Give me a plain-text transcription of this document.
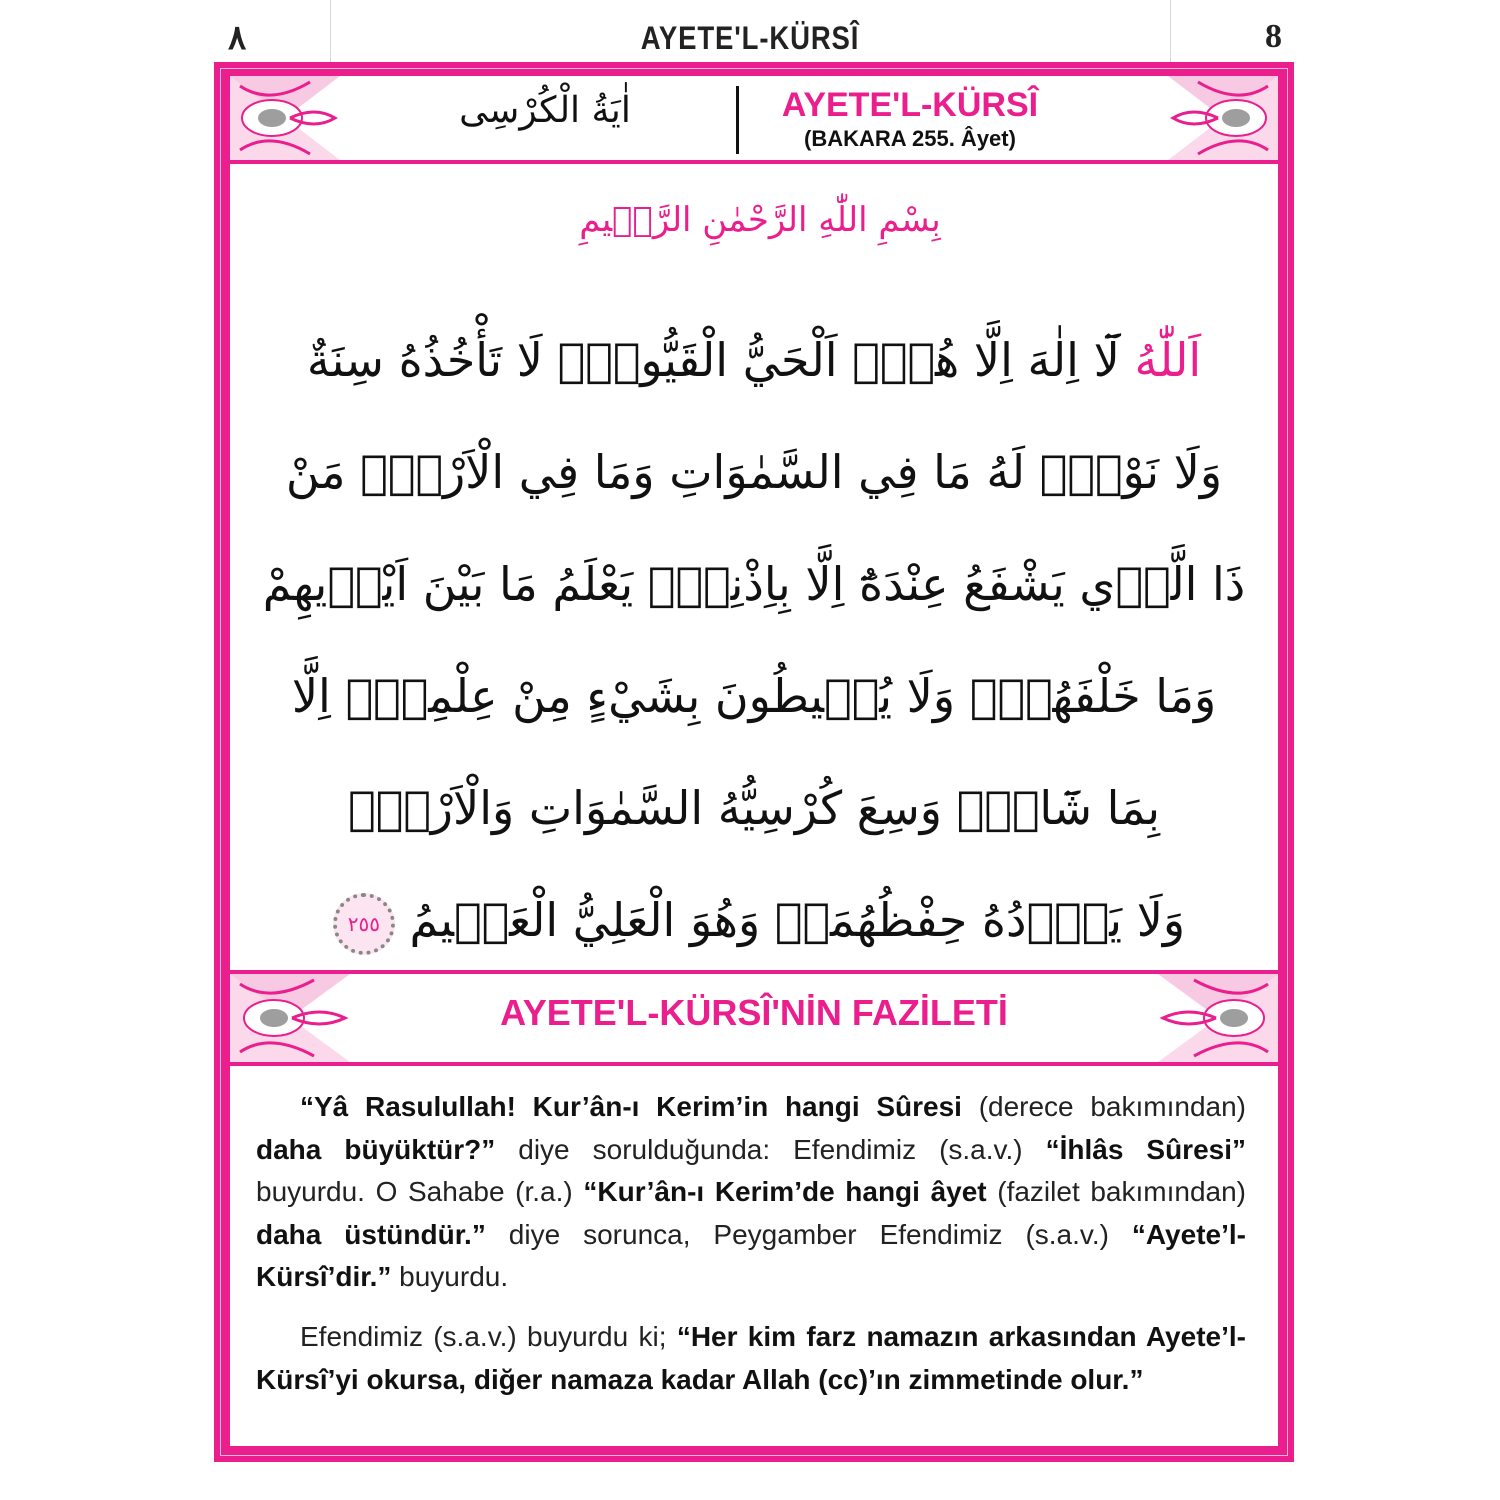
٨	AYETE'L-KÜRSÎ	8
اٰيَةُ الْكُرْسِى	AYETE'L-KÜRSÎ
(BAKARA 255. Âyet)
بِسْمِ اللّٰهِ الرَّحْمٰنِ الرَّح۪يمِ
اَللّٰهُ لَٓا اِلٰهَ اِلَّا هُوَۚ اَلْحَيُّ الْقَيُّومُۚ لَا تَأْخُذُهُ سِنَةٌ
وَلَا نَوْمٌۜ لَهُ مَا فِي السَّمٰوَاتِ وَمَا فِي الْاَرْضِۜ مَنْ
ذَا الَّذ۪ي يَشْفَعُ عِنْدَهُٓ اِلَّا بِاِذْنِه۪ۜ يَعْلَمُ مَا بَيْنَ اَيْد۪يهِمْ
وَمَا خَلْفَهُمْۚ وَلَا يُح۪يطُونَ بِشَيْءٍ مِنْ عِلْمِه۪ٓ اِلَّا
بِمَا شَٓاءَۚ وَسِعَ كُرْسِيُّهُ السَّمٰوَاتِ وَالْاَرْضَۚ
وَلَا يَؤُ۫دُهُ حِفْظُهُمَاۚ وَهُوَ الْعَلِيُّ الْعَظ۪يمُ ٢٥٥
AYETE'L-KÜRSÎ'NİN FAZİLETİ
“Yâ Rasulullah! Kur’ân-ı Kerim’in hangi Sûresi (derece bakımından) daha büyüktür?” diye sorulduğunda: Efendimiz (s.a.v.) “İhlâs Sûresi” buyurdu. O Sahabe (r.a.) “Kur’ân-ı Kerim’de hangi âyet (fazilet bakımından) daha üstündür.” diye sorunca, Peygamber Efendimiz (s.a.v.) “Ayete’l-Kürsî’dir.” buyurdu.
Efendimiz (s.a.v.) buyurdu ki; “Her kim farz namazın arkasından Ayete’l-Kürsî’yi okursa, diğer namaza kadar Allah (cc)’ın zimmetinde olur.”
